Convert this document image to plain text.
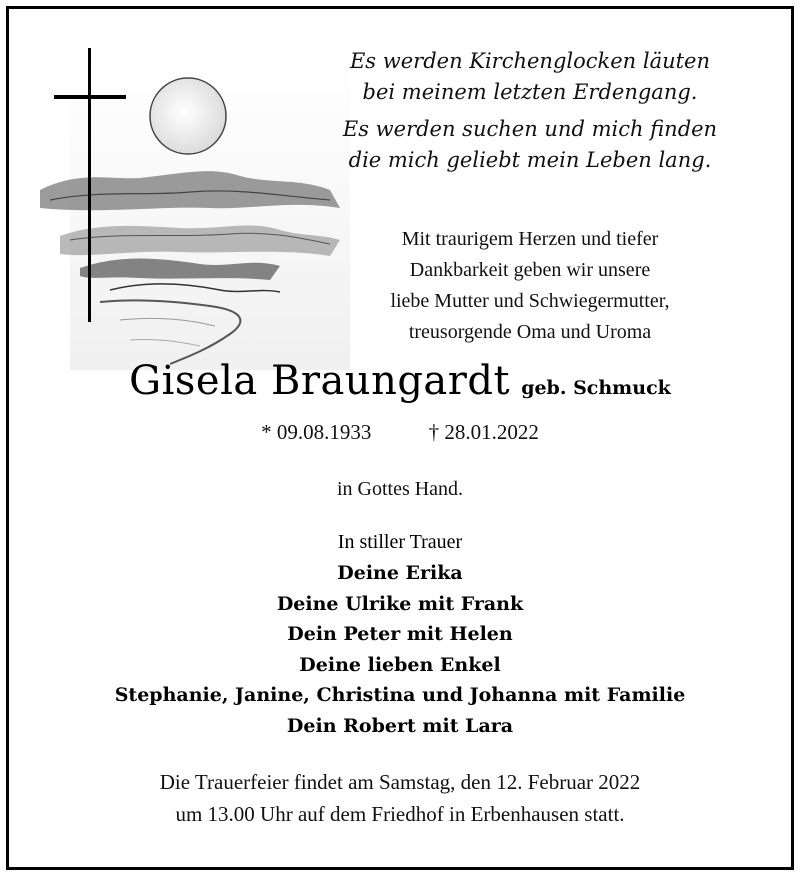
Es werden Kirchenglocken läuten
bei meinem letzten Erdengang.
Es werden suchen und mich finden
die mich geliebt mein Leben lang.
Mit traurigem Herzen und tiefer
Dankbarkeit geben wir unsere
liebe Mutter und Schwiegermutter,
treusorgende Oma und Uroma
Gisela Braungardt geb. Schmuck
* 09.08.1933	† 28.01.2022
in Gottes Hand.
In stiller Trauer
Deine Erika
Deine Ulrike mit Frank
Dein Peter mit Helen
Deine lieben Enkel
Stephanie, Janine, Christina und Johanna mit Familie
Dein Robert mit Lara
Die Trauerfeier findet am Samstag, den 12. Februar 2022
um 13.00 Uhr auf dem Friedhof in Erbenhausen statt.
